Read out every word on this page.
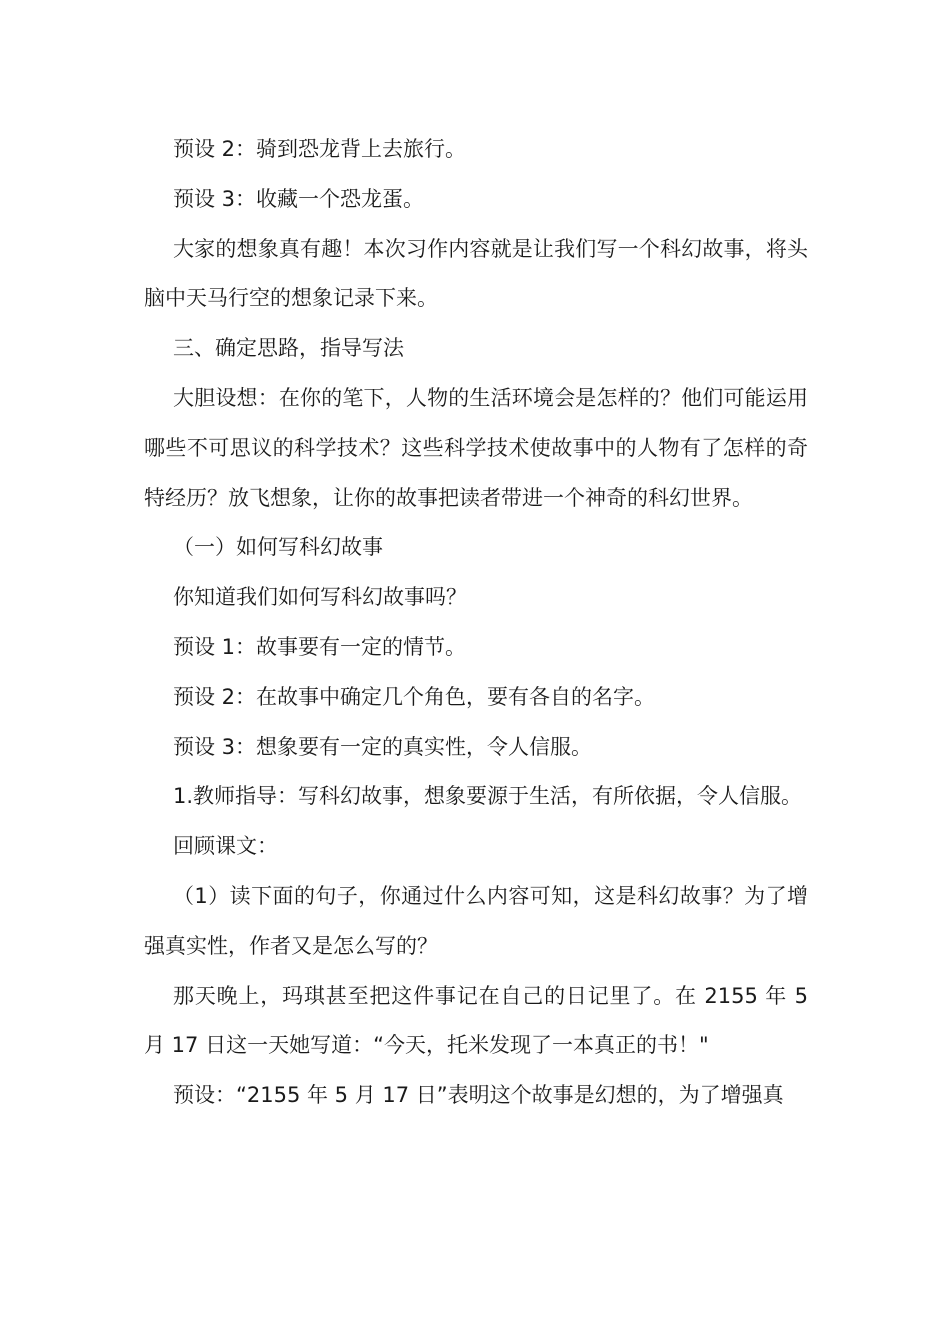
预设 2：骑到恐龙背上去旅行。

预设 3：收藏一个恐龙蛋。

大家的想象真有趣！本次习作内容就是让我们写一个科幻故事，将头脑中天马行空的想象记录下来。

三、确定思路，指导写法

大胆设想：在你的笔下，人物的生活环境会是怎样的？他们可能运用哪些不可思议的科学技术？这些科学技术使故事中的人物有了怎样的奇特经历？放飞想象，让你的故事把读者带进一个神奇的科幻世界。

（一）如何写科幻故事

你知道我们如何写科幻故事吗？

预设 1：故事要有一定的情节。

预设 2：在故事中确定几个角色，要有各自的名字。

预设 3：想象要有一定的真实性，令人信服。

1.教师指导：写科幻故事，想象要源于生活，有所依据，令人信服。

回顾课文：

（1）读下面的句子，你通过什么内容可知，这是科幻故事？为了增强真实性，作者又是怎么写的？

那天晚上，玛琪甚至把这件事记在自己的日记里了。在 2155 年 5 月 17 日这一天她写道：“今天，托米发现了一本真正的书！"

预设：“2155 年 5 月 17 日”表明这个故事是幻想的，为了增强真
